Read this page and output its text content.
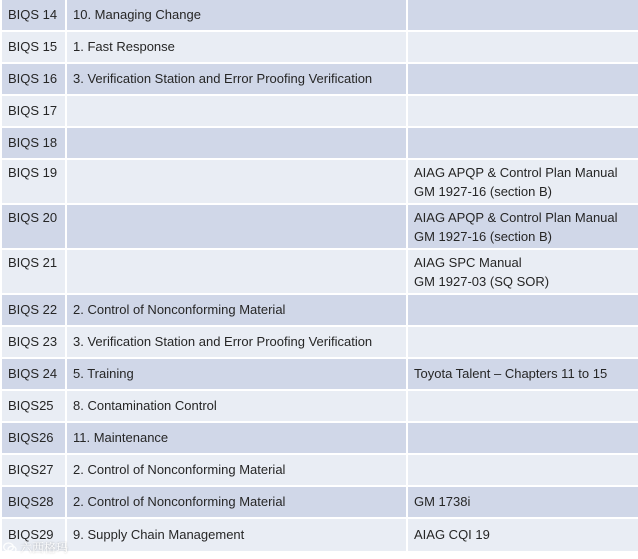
BIQS 14	10. Managing Change	
BIQS 15	1. Fast Response	
BIQS 16	3. Verification Station and Error Proofing Verification	
BIQS 17		
BIQS 18		
BIQS 19		AIAG APQP & Control Plan Manual
GM 1927-16 (section B)

BIQS 20		AIAG APQP & Control Plan Manual
GM 1927-16 (section B)

BIQS 21		AIAG SPC Manual
GM 1927-03 (SQ SOR)

BIQS 22	2. Control of Nonconforming Material	
BIQS 23	3. Verification Station and Error Proofing Verification	
BIQS 24	5. Training	Toyota Talent – Chapters 11 to 15

BIQS25	8. Contamination Control	
BIQS26	11. Maintenance	
BIQS27	2. Control of Nonconforming Material	
BIQS28	2. Control of Nonconforming Material	GM 1738i

BIQS29	9. Supply Chain Management	AIAG CQI 19
六西格玛
